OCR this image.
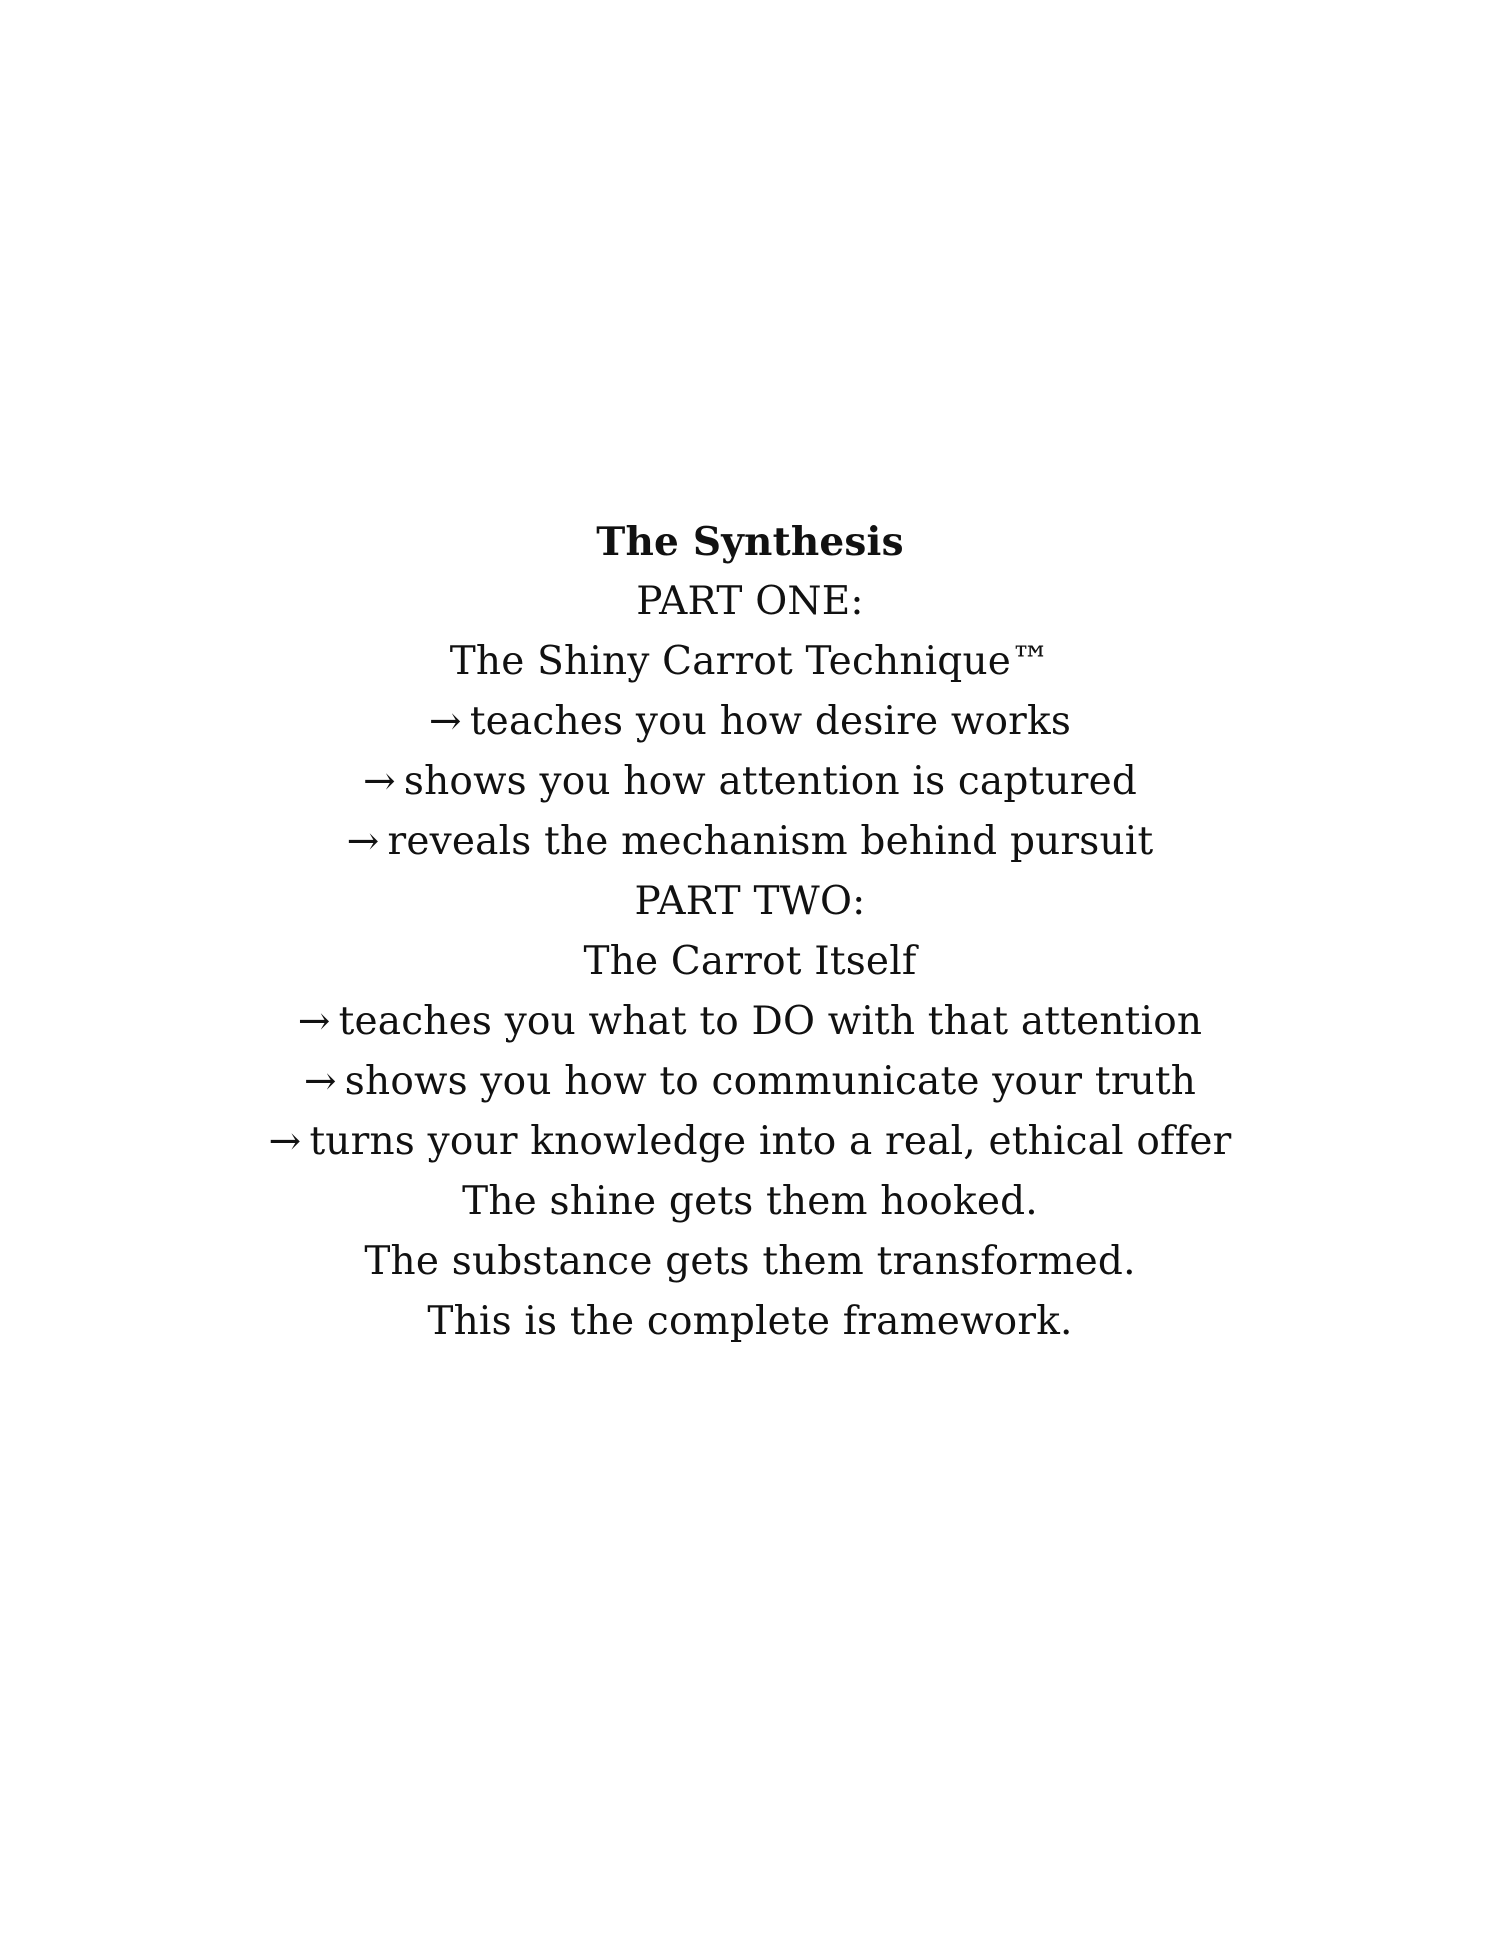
The Synthesis
PART ONE:
The Shiny Carrot Technique™
→ teaches you how desire works
→ shows you how attention is captured
→ reveals the mechanism behind pursuit
PART TWO:
The Carrot Itself
→ teaches you what to DO with that attention
→ shows you how to communicate your truth
→ turns your knowledge into a real, ethical offer
The shine gets them hooked.
The substance gets them transformed.
This is the complete framework.
